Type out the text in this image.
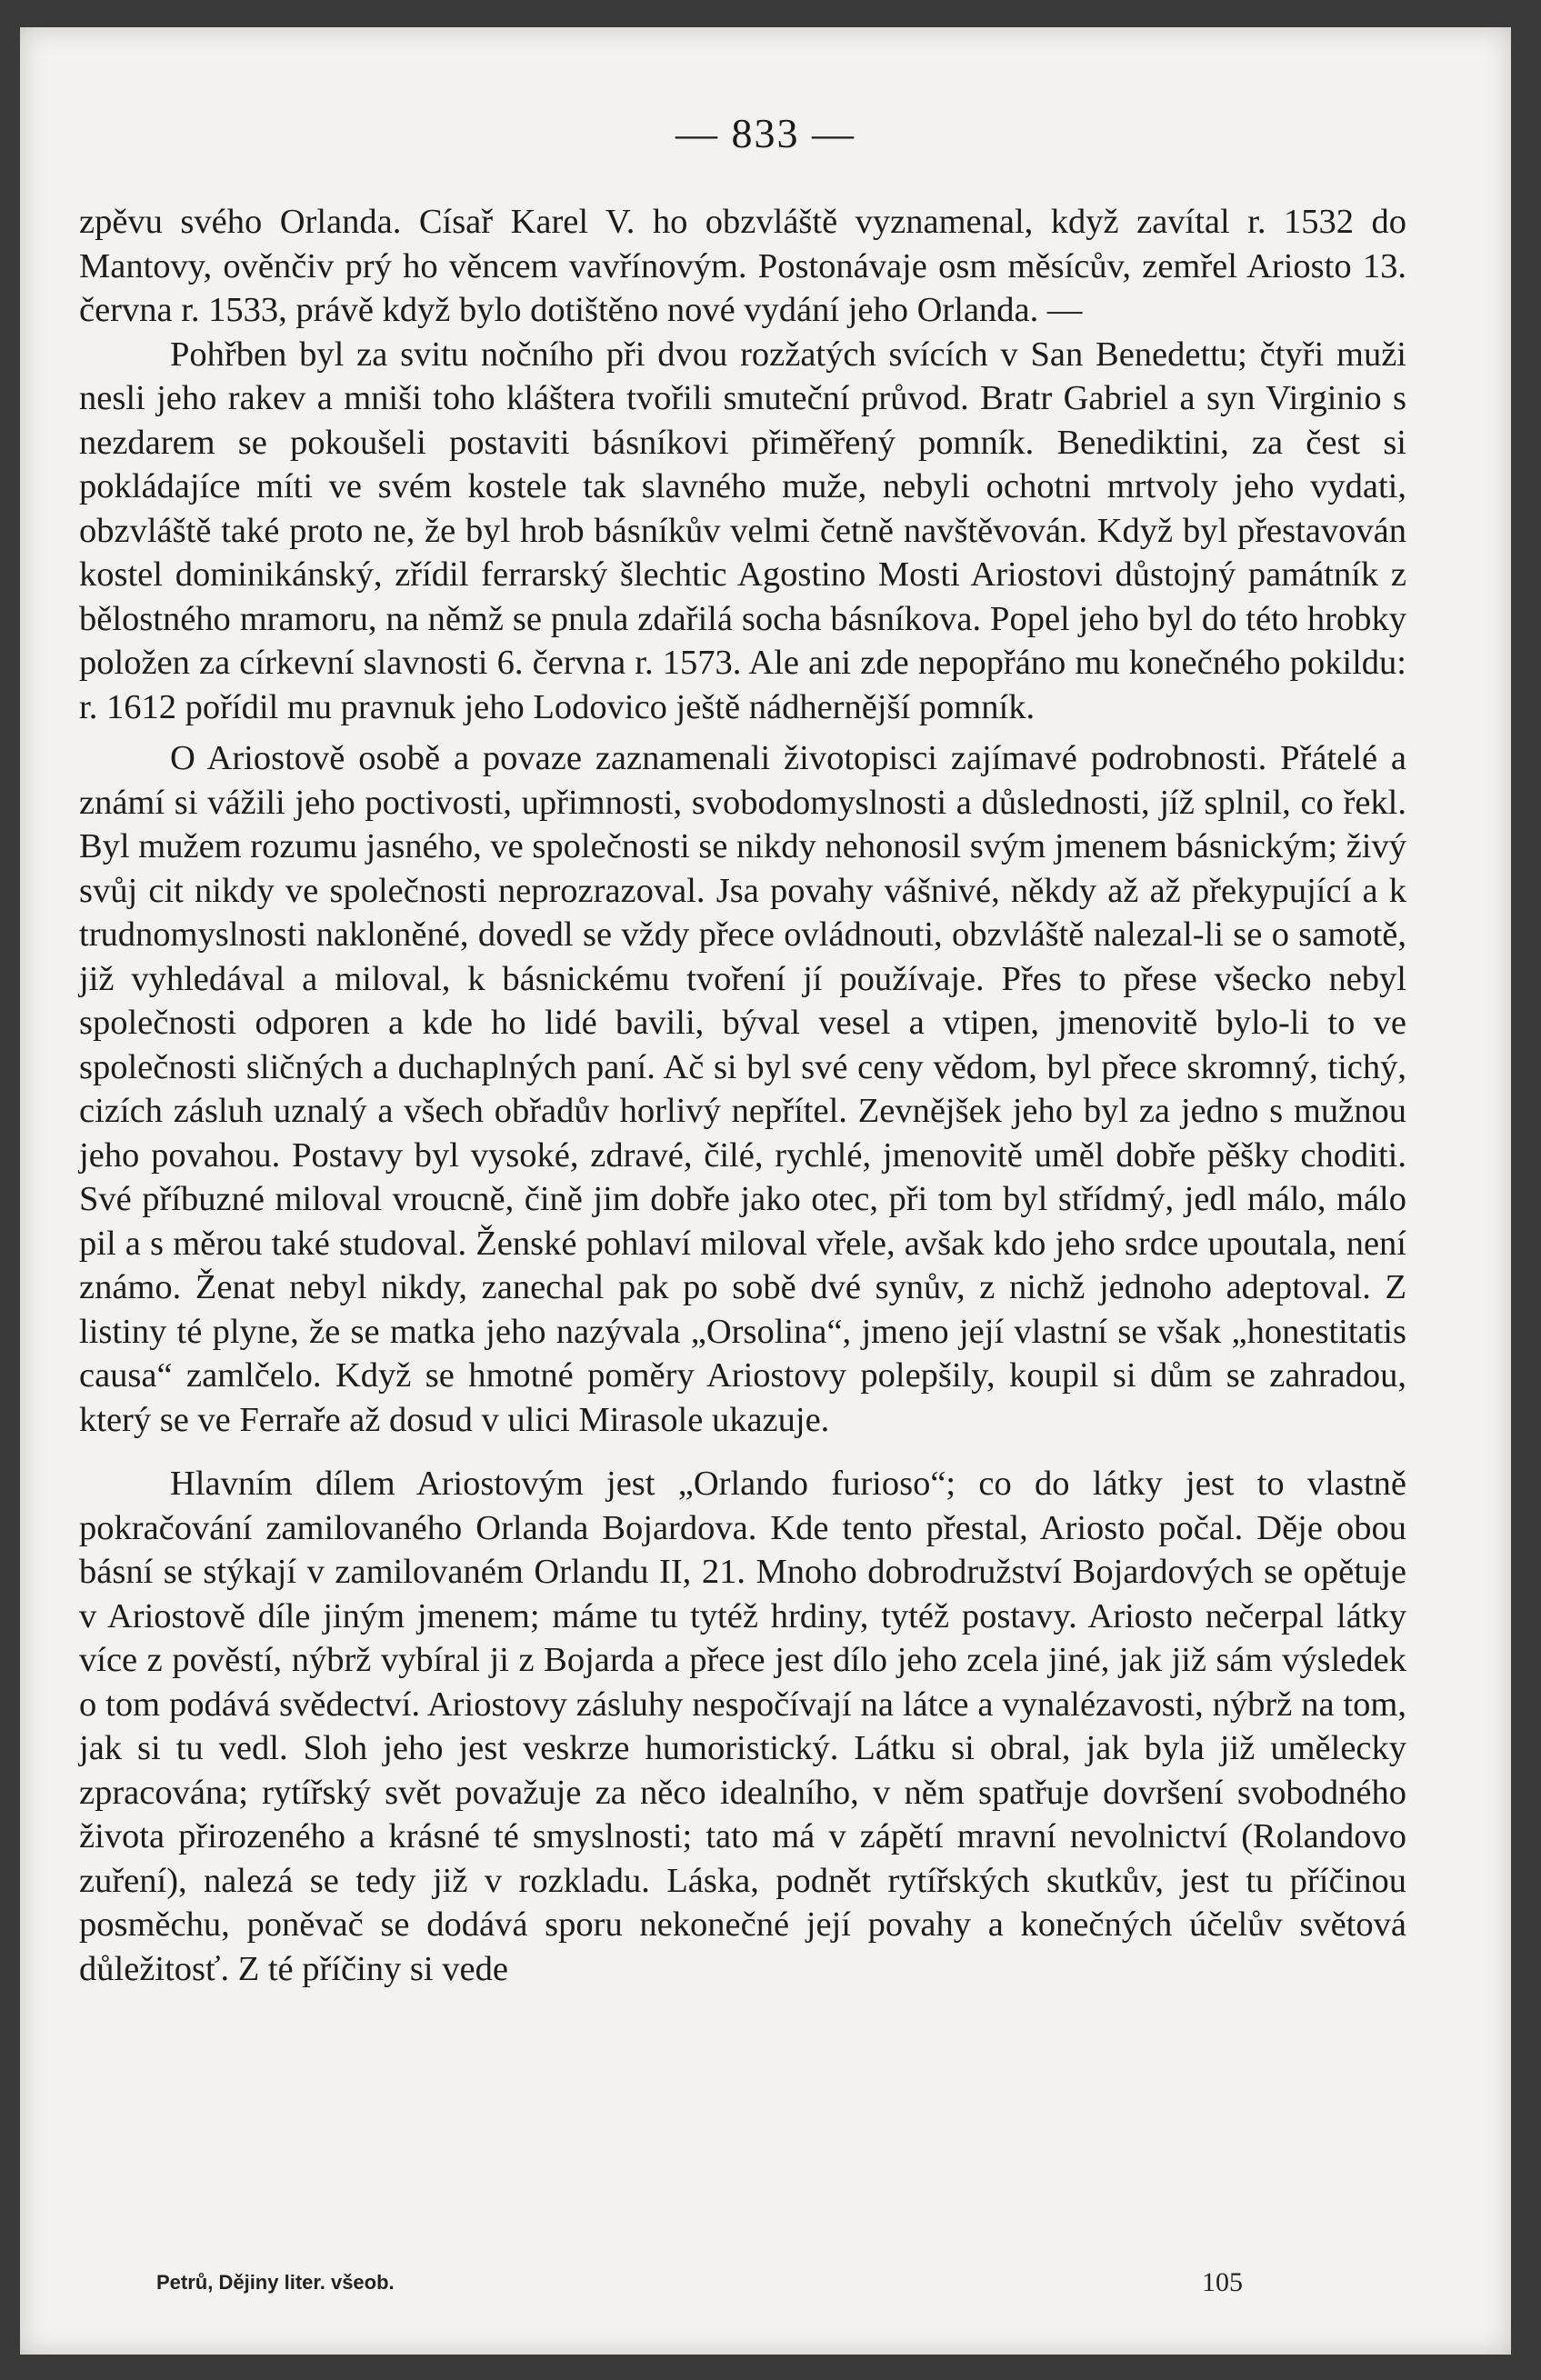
— 833 —

zpěvu svého Orlanda. Císař Karel V. ho obzvláště vyznamenal, když zavítal r. 1532 do Mantovy, ověnčiv prý ho věncem vavřínovým. Postonávaje osm měsícův, zemřel Ariosto 13. června r. 1533, právě když bylo dotištěno nové vydání jeho Orlanda. —

Pohřben byl za svitu nočního při dvou rozžatých svících v San Benedettu; čtyři muži nesli jeho rakev a mniši toho kláštera tvořili smuteční průvod. Bratr Gabriel a syn Virginio s nezdarem se pokoušeli postaviti básníkovi přiměřený pomník. Benediktini, za čest si pokládajíce míti ve svém kostele tak slavného muže, nebyli ochotni mrtvoly jeho vydati, obzvláště také proto ne, že byl hrob básníkův velmi četně navštěvován. Když byl přestavován kostel dominikánský, zřídil ferrarský šlechtic Agostino Mosti Ariostovi důstojný památník z bělostného mramoru, na němž se pnula zdařilá socha básníkova. Popel jeho byl do této hrobky položen za církevní slavnosti 6. června r. 1573. Ale ani zde nepopřáno mu konečného pokildu: r. 1612 pořídil mu pravnuk jeho Lodovico ještě nádhernější pomník.

O Ariostově osobě a povaze zaznamenali životopisci zajímavé podrobnosti. Přátelé a známí si vážili jeho poctivosti, upřimnosti, svobodomyslnosti a důslednosti, jíž splnil, co řekl. Byl mužem rozumu jasného, ve společnosti se nikdy nehonosil svým jmenem básnickým; živý svůj cit nikdy ve společnosti neprozrazoval. Jsa povahy vášnivé, někdy až až překypující a k trudnomyslnosti nakloněné, dovedl se vždy přece ovládnouti, obzvláště nalezal-li se o samotě, již vyhledával a miloval, k básnickému tvoření jí používaje. Přes to přese všecko nebyl společnosti odporen a kde ho lidé bavili, býval vesel a vtipen, jmenovitě bylo-li to ve společnosti sličných a duchaplných paní. Ač si byl své ceny vědom, byl přece skromný, tichý, cizích zásluh uznalý a všech obřadův horlivý nepřítel. Zevnějšek jeho byl za jedno s mužnou jeho povahou. Postavy byl vysoké, zdravé, čilé, rychlé, jmenovitě uměl dobře pěšky choditi. Své příbuzné miloval vroucně, čině jim dobře jako otec, při tom byl střídmý, jedl málo, málo pil a s měrou také studoval. Ženské pohlaví miloval vřele, avšak kdo jeho srdce upoutala, není známo. Ženat nebyl nikdy, zanechal pak po sobě dvé synův, z nichž jednoho adeptoval. Z listiny té plyne, že se matka jeho nazývala „Orsolina“, jmeno její vlastní se však „honestitatis causa“ zamlčelo. Když se hmotné poměry Ariostovy polepšily, koupil si dům se zahradou, který se ve Ferraře až dosud v ulici Mirasole ukazuje.

Hlavním dílem Ariostovým jest „Orlando furioso“; co do látky jest to vlastně pokračování zamilovaného Orlanda Bojardova. Kde tento přestal, Ariosto počal. Děje obou básní se stýkají v zamilovaném Orlandu II, 21. Mnoho dobrodružství Bojardových se opětuje v Ariostově díle jiným jmenem; máme tu tytéž hrdiny, tytéž postavy. Ariosto nečerpal látky více z pověstí, nýbrž vybíral ji z Bojarda a přece jest dílo jeho zcela jiné, jak již sám výsledek o tom podává svědectví. Ariostovy zásluhy nespočívají na látce a vynalézavosti, nýbrž na tom, jak si tu vedl. Sloh jeho jest veskrze humoristický. Látku si obral, jak byla již umělecky zpracována; rytířský svět považuje za něco idealního, v něm spatřuje dovršení svobodného života přirozeného a krásné té smyslnosti; tato má v zápětí mravní nevolnictví (Rolandovo zuření), nalezá se tedy již v rozkladu. Láska, podnět rytířských skutkův, jest tu příčinou posměchu, poněvač se dodává sporu nekonečné její povahy a konečných účelův světová důležitosť. Z té příčiny si vede

Petrů, Dějiny liter. všeob.	105
